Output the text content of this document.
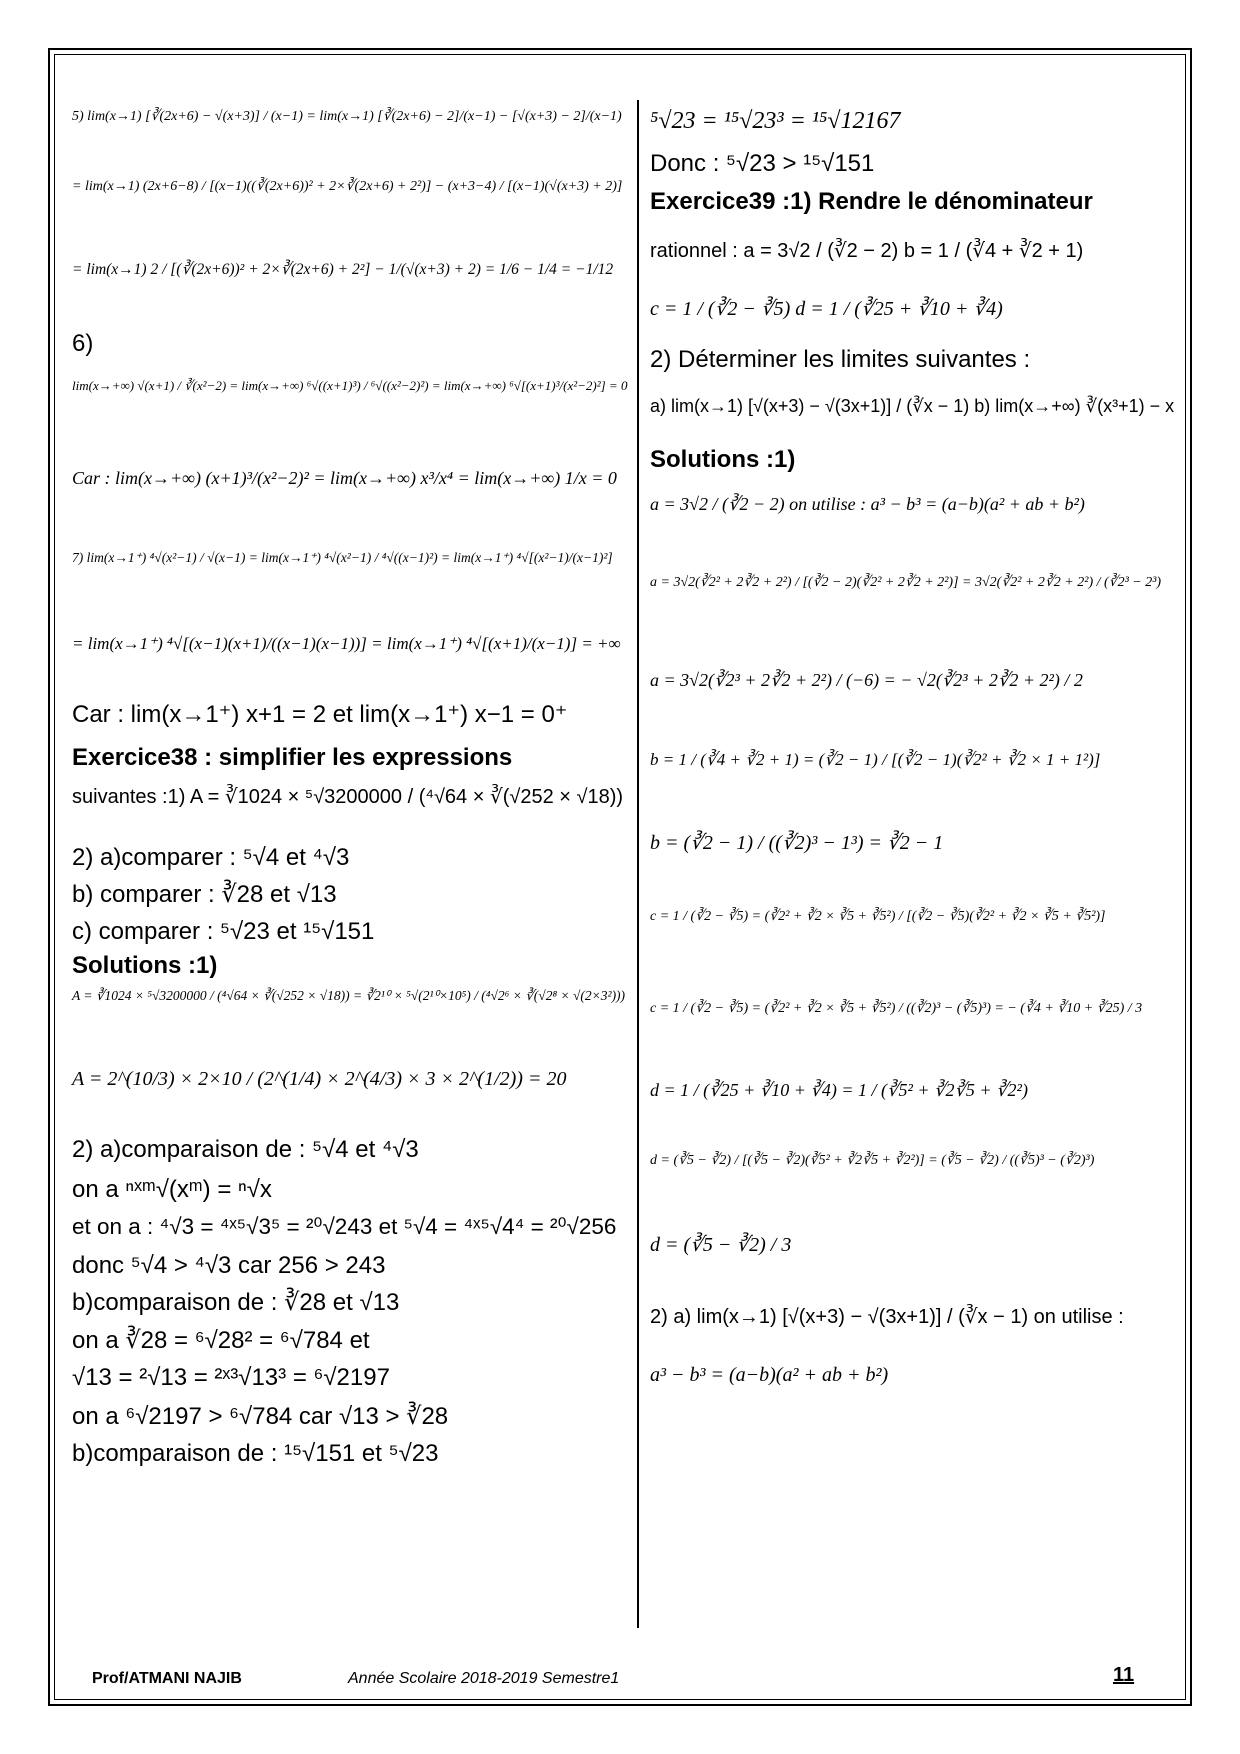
5) lim(x→1) [∛(2x+6) − √(x+3)] / (x−1) = lim(x→1) [∛(2x+6) − 2]/(x−1) − [√(x+3) − 2]/(x−1)
= lim(x→1) (2x+6−8) / [(x−1)((∛(2x+6))² + 2×∛(2x+6) + 2²)] − (x+3−4) / [(x−1)(√(x+3) + 2)]
= lim(x→1) 2 / [(∛(2x+6))² + 2×∛(2x+6) + 2²] − 1/(√(x+3) + 2) = 1/6 − 1/4 = −1/12
6)
lim(x→+∞) √(x+1) / ∛(x²−2) = lim(x→+∞) ⁶√((x+1)³) / ⁶√((x²−2)²) = lim(x→+∞) ⁶√[(x+1)³/(x²−2)²] = 0
Car : lim(x→+∞) (x+1)³/(x²−2)² = lim(x→+∞) x³/x⁴ = lim(x→+∞) 1/x = 0
7) lim(x→1⁺) ⁴√(x²−1) / √(x−1) = lim(x→1⁺) ⁴√(x²−1) / ⁴√((x−1)²) = lim(x→1⁺) ⁴√[(x²−1)/(x−1)²]
= lim(x→1⁺) ⁴√[(x−1)(x+1)/((x−1)(x−1))] = lim(x→1⁺) ⁴√[(x+1)/(x−1)] = +∞
Car : lim(x→1⁺) x+1 = 2 et lim(x→1⁺) x−1 = 0⁺
Exercice38 : simplifier les expressions
suivantes :1) A = ∛1024 × ⁵√3200000 / (⁴√64 × ∛(√252 × √18))
2) a)comparer : ⁵√4 et ⁴√3
b) comparer : ∛28 et √13
c) comparer : ⁵√23 et ¹⁵√151
Solutions :1)
A = ∛1024 × ⁵√3200000 / (⁴√64 × ∛(√252 × √18)) = ∛2¹⁰ × ⁵√(2¹⁰×10⁵) / (⁴√2⁶ × ∛(√2⁸ × √(2×3²)))
A = 2^(10/3) × 2×10 / (2^(1/4) × 2^(4/3) × 3 × 2^(1/2)) = 20
2) a)comparaison de : ⁵√4 et ⁴√3
on a ⁿˣᵐ√(xᵐ) = ⁿ√x
et on a : ⁴√3 = ⁴ˣ⁵√3⁵ = ²⁰√243 et ⁵√4 = ⁴ˣ⁵√4⁴ = ²⁰√256
donc ⁵√4 > ⁴√3 car 256 > 243
b)comparaison de : ∛28 et √13
on a ∛28 = ⁶√28² = ⁶√784 et
√13 = ²√13 = ²ˣ³√13³ = ⁶√2197
on a ⁶√2197 > ⁶√784 car √13 > ∛28
b)comparaison de : ¹⁵√151 et ⁵√23
⁵√23 = ¹⁵√23³ = ¹⁵√12167
Donc : ⁵√23 > ¹⁵√151
Exercice39 :1) Rendre le dénominateur
rationnel : a = 3√2 / (∛2 − 2) b = 1 / (∛4 + ∛2 + 1)
c = 1 / (∛2 − ∛5) d = 1 / (∛25 + ∛10 + ∛4)
2) Déterminer les limites suivantes :
a) lim(x→1) [√(x+3) − √(3x+1)] / (∛x − 1) b) lim(x→+∞) ∛(x³+1) − x
Solutions :1)
a = 3√2 / (∛2 − 2) on utilise : a³ − b³ = (a−b)(a² + ab + b²)
a = 3√2(∛2² + 2∛2 + 2²) / [(∛2 − 2)(∛2² + 2∛2 + 2²)] = 3√2(∛2² + 2∛2 + 2²) / (∛2³ − 2³)
a = 3√2(∛2³ + 2∛2 + 2²) / (−6) = − √2(∛2³ + 2∛2 + 2²) / 2
b = 1 / (∛4 + ∛2 + 1) = (∛2 − 1) / [(∛2 − 1)(∛2² + ∛2 × 1 + 1²)]
b = (∛2 − 1) / ((∛2)³ − 1³) = ∛2 − 1
c = 1 / (∛2 − ∛5) = (∛2² + ∛2 × ∛5 + ∛5²) / [(∛2 − ∛5)(∛2² + ∛2 × ∛5 + ∛5²)]
c = 1 / (∛2 − ∛5) = (∛2² + ∛2 × ∛5 + ∛5²) / ((∛2)³ − (∛5)³) = − (∛4 + ∛10 + ∛25) / 3
d = 1 / (∛25 + ∛10 + ∛4) = 1 / (∛5² + ∛2∛5 + ∛2²)
d = (∛5 − ∛2) / [(∛5 − ∛2)(∛5² + ∛2∛5 + ∛2²)] = (∛5 − ∛2) / ((∛5)³ − (∛2)³)
d = (∛5 − ∛2) / 3
2) a) lim(x→1) [√(x+3) − √(3x+1)] / (∛x − 1) on utilise :
a³ − b³ = (a−b)(a² + ab + b²)
Prof/ATMANI NAJIB	Année Scolaire 2018-2019 Semestre1	11
